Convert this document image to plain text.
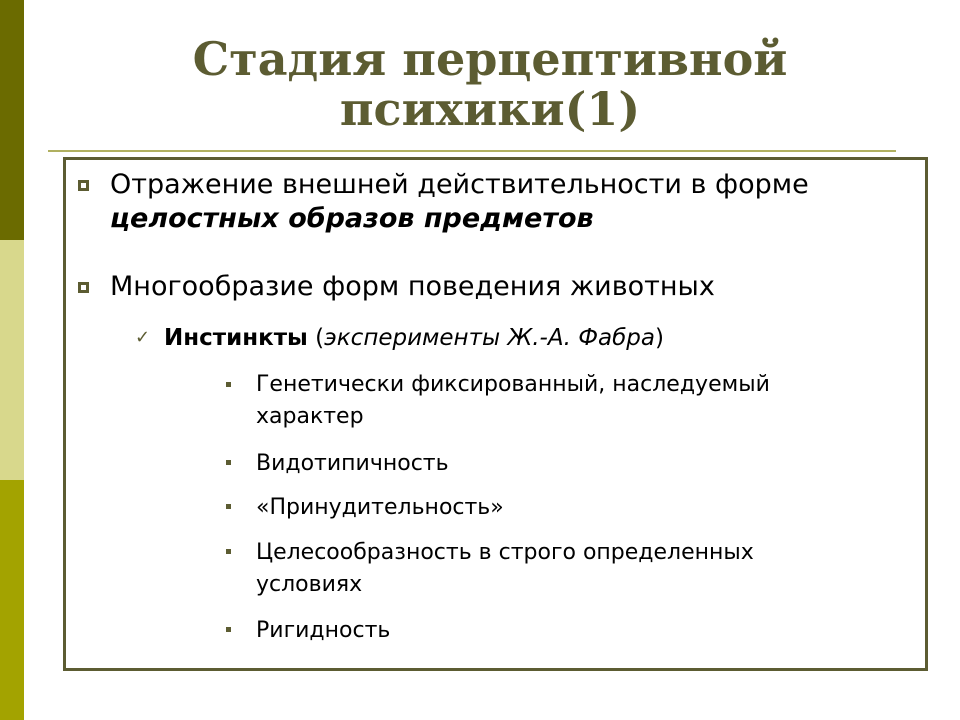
Стадия перцептивной
психики(1)
Отражение внешней действительности в форме
целостных образов предметов
Многообразие форм поведения животных
✓ Инстинкты (эксперименты Ж.-А. Фабра)
Генетически фиксированный, наследуемый
характер
Видотипичность
«Принудительность»
Целесообразность в строго определенных
условиях
Ригидность
